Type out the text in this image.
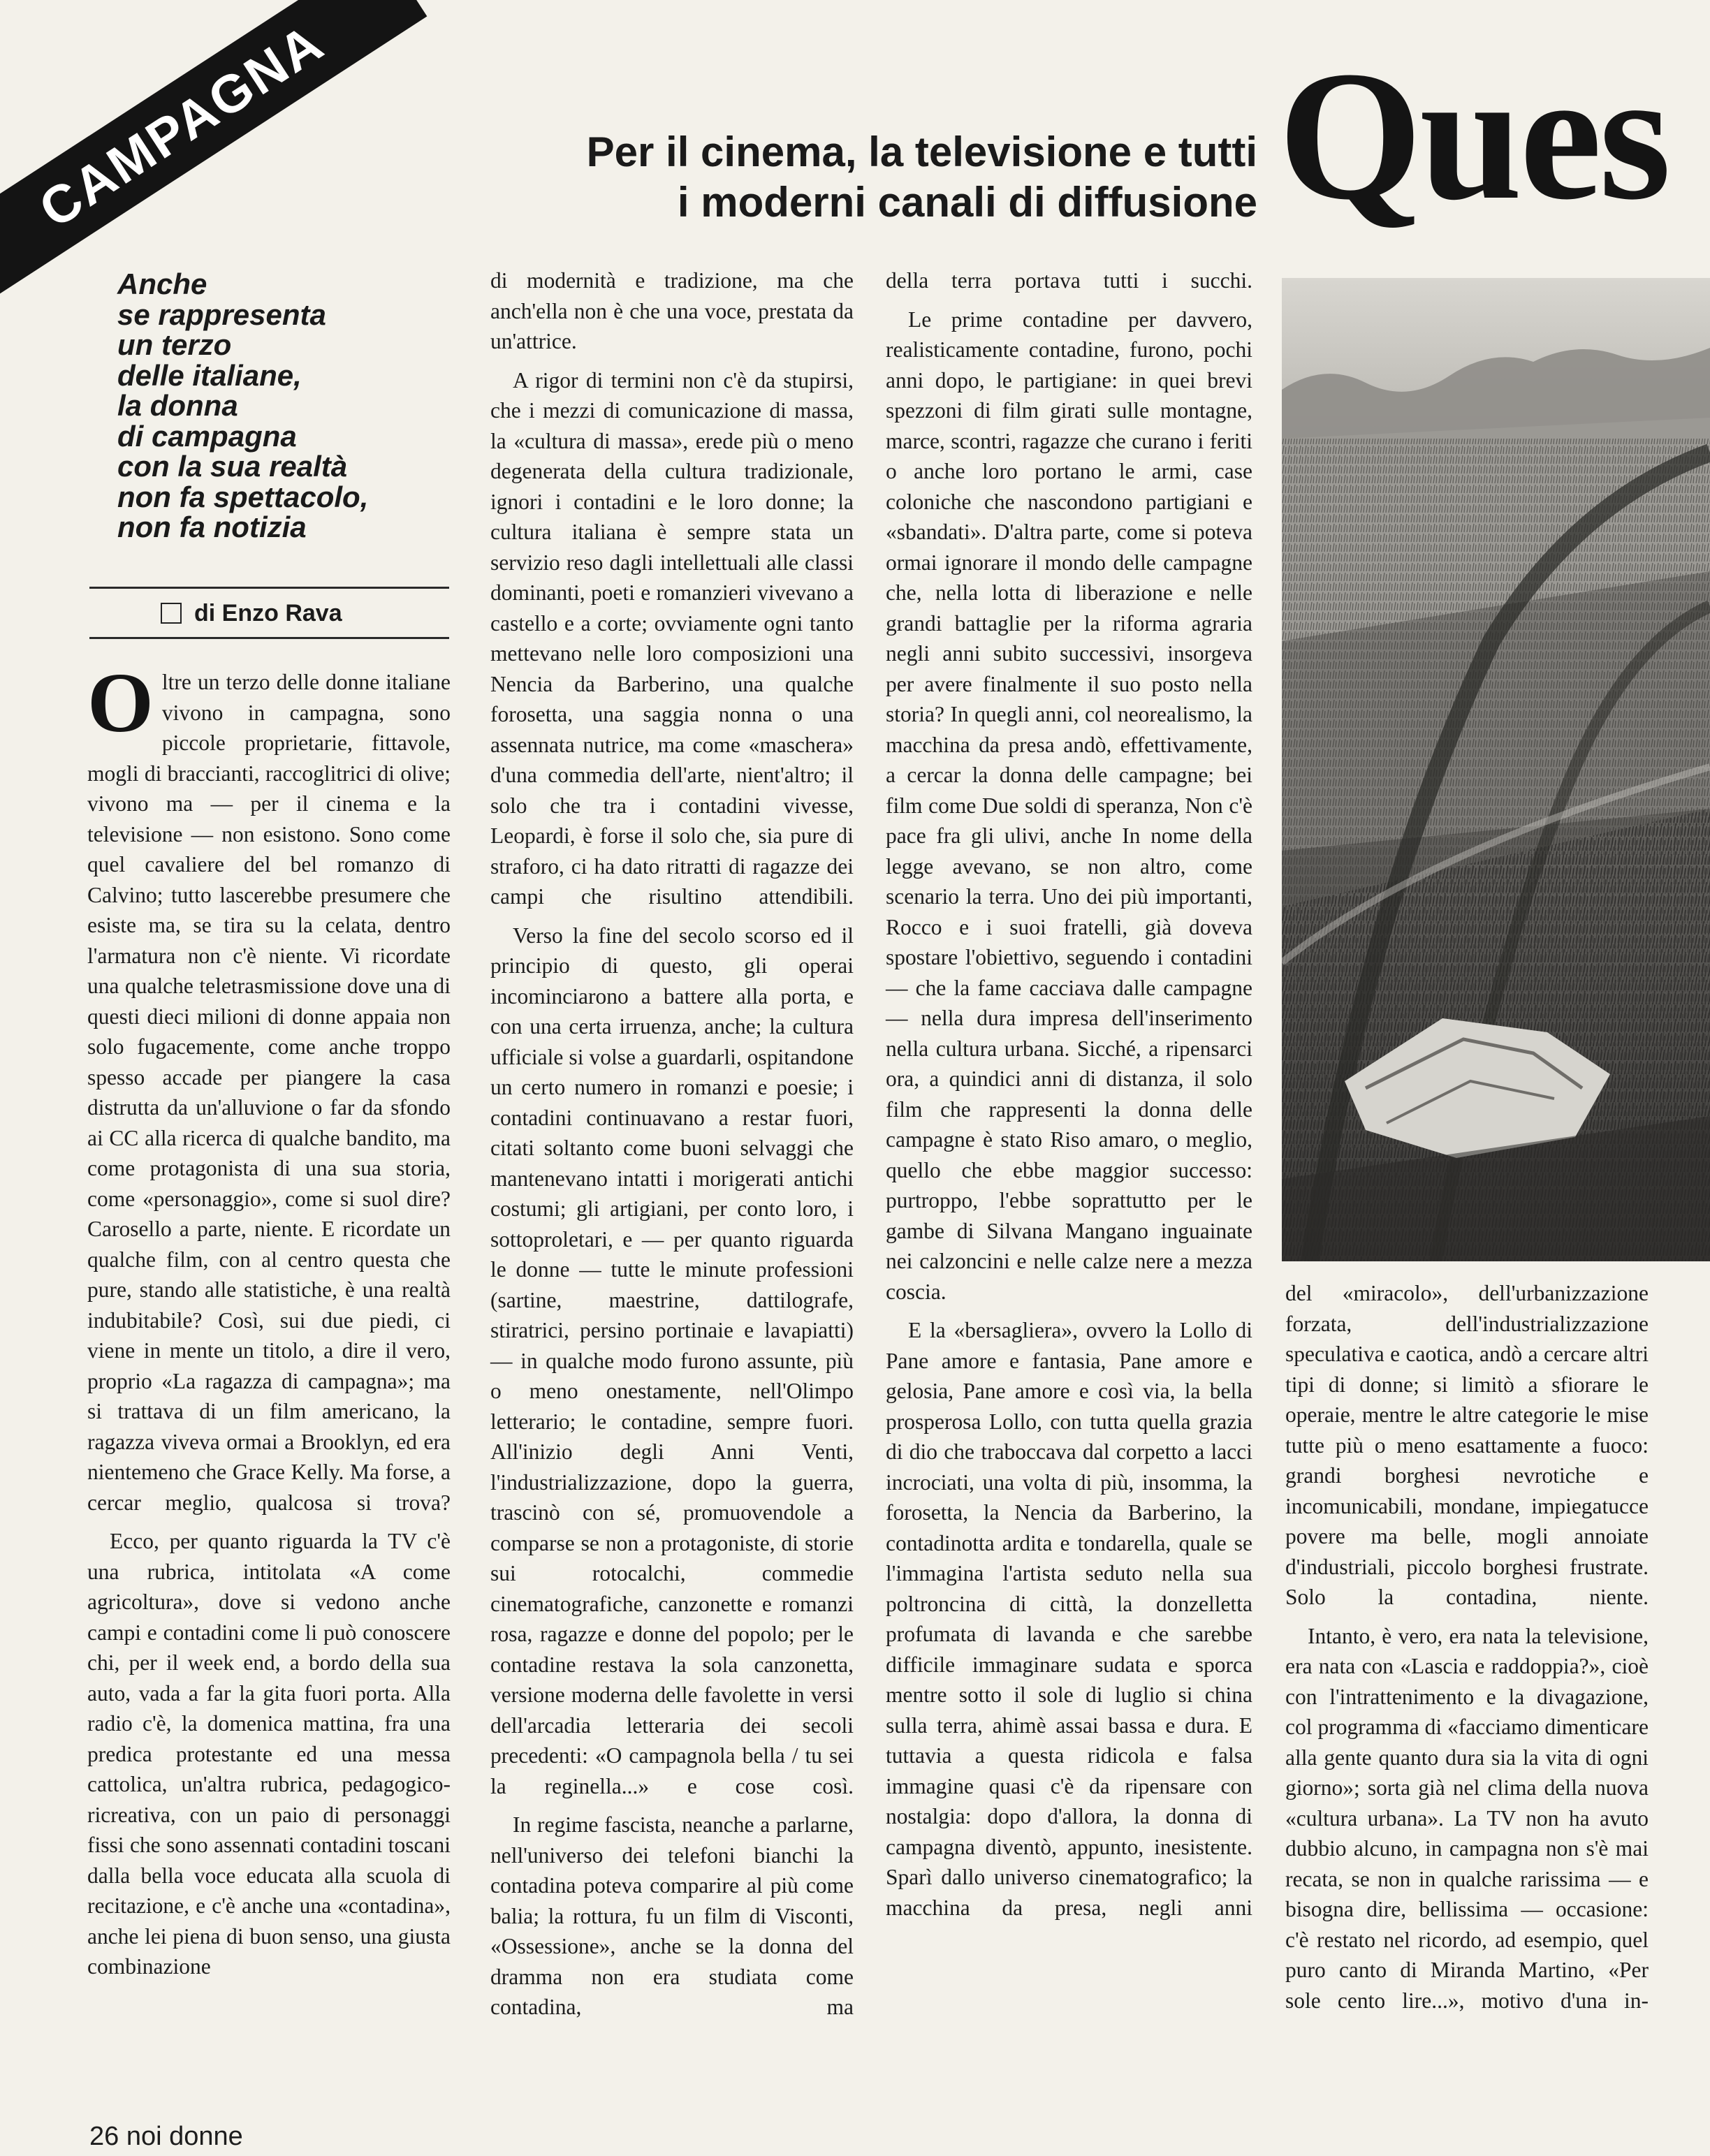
CAMPAGNA	Per il cinema, la televisione e tutti
i moderni canali di diffusione Ques
Anche
se rappresenta
un terzo
delle italiane,
la donna
di campagna
con la sua realtà
non fa spettacolo,
non fa notizia
di Enzo Rava

Oltre un terzo delle donne italiane vivono in campagna, sono piccole proprietarie, fittavole, mogli di braccianti, raccoglitrici di olive; vivono ma — per il cinema e la televisione — non esistono. Sono come quel cavaliere del bel romanzo di Calvino; tutto lascerebbe presumere che esiste ma, se tira su la celata, dentro l'armatura non c'è niente. Vi ricordate una qualche teletrasmissione dove una di questi dieci milioni di donne appaia non solo fugacemente, come anche troppo spesso accade per piangere la casa distrutta da un'alluvione o far da sfondo ai CC alla ricerca di qualche bandito, ma come protagonista di una sua storia, come «personaggio», come si suol dire? Carosello a parte, niente. E ricordate un qualche film, con al centro questa che pure, stando alle statistiche, è una realtà indubitabile? Così, sui due piedi, ci viene in mente un titolo, a dire il vero, proprio «La ragazza di campagna»; ma si trattava di un film americano, la ragazza viveva ormai a Brooklyn, ed era nientemeno che Grace Kelly. Ma forse, a cercar meglio, qualcosa si trova?

Ecco, per quanto riguarda la TV c'è una rubrica, intitolata «A come agricoltura», dove si vedono anche campi e contadini come li può conoscere chi, per il week end, a bordo della sua auto, vada a far la gita fuori porta. Alla radio c'è, la domenica mattina, fra una predica protestante ed una messa cattolica, un'altra rubrica, pedagogico-ricreativa, con un paio di personaggi fissi che sono assennati contadini toscani dalla bella voce educata alla scuola di recitazione, e c'è anche una «contadina», anche lei piena di buon senso, una giusta combinazione

di modernità e tradizione, ma che anch'ella non è che una voce, prestata da un'attrice.

A rigor di termini non c'è da stupirsi, che i mezzi di comunicazione di massa, la «cultura di massa», erede più o meno degenerata della cultura tradizionale, ignori i contadini e le loro donne; la cultura italiana è sempre stata un servizio reso dagli intellettuali alle classi dominanti, poeti e romanzieri vivevano a castello e a corte; ovviamente ogni tanto mettevano nelle loro composizioni una Nencia da Barberino, una qualche forosetta, una saggia nonna o una assennata nutrice, ma come «maschera» d'una commedia dell'arte, nient'altro; il solo che tra i contadini vivesse, Leopardi, è forse il solo che, sia pure di straforo, ci ha dato ritratti di ragazze dei campi che risultino attendibili.

Verso la fine del secolo scorso ed il principio di questo, gli operai incominciarono a battere alla porta, e con una certa irruenza, anche; la cultura ufficiale si volse a guardarli, ospitandone un certo numero in romanzi e poesie; i contadini continuavano a restar fuori, citati soltanto come buoni selvaggi che mantenevano intatti i morigerati antichi costumi; gli artigiani, per conto loro, i sottoproletari, e — per quanto riguarda le donne — tutte le minute professioni (sartine, maestrine, dattilografe, stiratrici, persino portinaie e lavapiatti) — in qualche modo furono assunte, più o meno onestamente, nell'Olimpo letterario; le contadine, sempre fuori. All'inizio degli Anni Venti, l'industrializzazione, dopo la guerra, trascinò con sé, promuovendole a comparse se non a protagoniste, di storie sui rotocalchi, commedie cinematografiche, canzonette e romanzi rosa, ragazze e donne del popolo; per le contadine restava la sola canzonetta, versione moderna delle favolette in versi dell'arcadia letteraria dei secoli precedenti: «O campagnola bella / tu sei la reginella...» e cose così.

In regime fascista, neanche a parlarne, nell'universo dei telefoni bianchi la contadina poteva comparire al più come balia; la rottura, fu un film di Visconti, «Ossessione», anche se la donna del dramma non era studiata come contadina, ma

della terra portava tutti i succhi.

Le prime contadine per davvero, realisticamente contadine, furono, pochi anni dopo, le partigiane: in quei brevi spezzoni di film girati sulle montagne, marce, scontri, ragazze che curano i feriti o anche loro portano le armi, case coloniche che nascondono partigiani e «sbandati». D'altra parte, come si poteva ormai ignorare il mondo delle campagne che, nella lotta di liberazione e nelle grandi battaglie per la riforma agraria negli anni subito successivi, insorgeva per avere finalmente il suo posto nella storia? In quegli anni, col neorealismo, la macchina da presa andò, effettivamente, a cercar la donna delle campagne; bei film come Due soldi di speranza, Non c'è pace fra gli ulivi, anche In nome della legge avevano, se non altro, come scenario la terra. Uno dei più importanti, Rocco e i suoi fratelli, già doveva spostare l'obiettivo, seguendo i contadini — che la fame cacciava dalle campagne — nella dura impresa dell'inserimento nella cultura urbana. Sicché, a ripensarci ora, a quindici anni di distanza, il solo film che rappresenti la donna delle campagne è stato Riso amaro, o meglio, quello che ebbe maggior successo: purtroppo, l'ebbe soprattutto per le gambe di Silvana Mangano inguainate nei calzoncini e nelle calze nere a mezza coscia.

E la «bersagliera», ovvero la Lollo di Pane amore e fantasia, Pane amore e gelosia, Pane amore e così via, la bella prosperosa Lollo, con tutta quella grazia di dio che traboccava dal corpetto a lacci incrociati, una volta di più, insomma, la forosetta, la Nencia da Barberino, la contadinotta ardita e tondarella, quale se l'immagina l'artista seduto nella sua poltroncina di città, la donzelletta profumata di lavanda e che sarebbe difficile immaginare sudata e sporca mentre sotto il sole di luglio si china sulla terra, ahimè assai bassa e dura. E tuttavia a questa ridicola e falsa immagine quasi c'è da ripensare con nostalgia: dopo d'allora, la donna di campagna diventò, appunto, inesistente. Sparì dallo universo cinematografico; la macchina da presa, negli anni

del «miracolo», dell'urbanizzazione forzata, dell'industrializzazione speculativa e caotica, andò a cercare altri tipi di donne; si limitò a sfiorare le operaie, mentre le altre categorie le mise tutte più o meno esattamente a fuoco: grandi borghesi nevrotiche e incomunicabili, mondane, impiegatucce povere ma belle, mogli annoiate d'industriali, piccolo borghesi frustrate. Solo la contadina, niente.

Intanto, è vero, era nata la televisione, era nata con «Lascia e raddoppia?», cioè con l'intrattenimento e la divagazione, col programma di «facciamo dimenticare alla gente quanto dura sia la vita di ogni giorno»; sorta già nel clima della nuova «cultura urbana». La TV non ha avuto dubbio alcuno, in campagna non s'è mai recata, se non in qualche rarissima — e bisogna dire, bellissima — occasione: c'è restato nel ricordo, ad esempio, quel puro canto di Miranda Martino, «Per sole cento lire...», motivo d'una in-

26 noi donne
